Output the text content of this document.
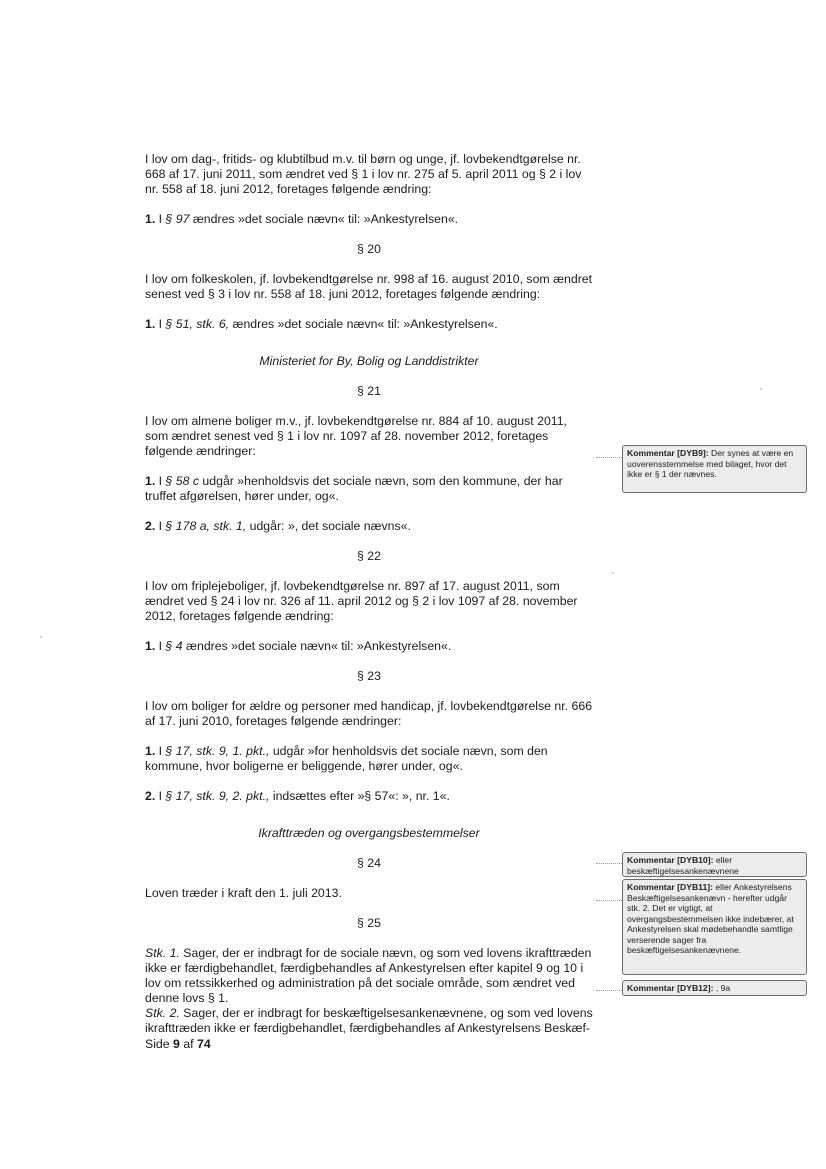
I lov om dag-, fritids- og klubtilbud m.v. til børn og unge, jf. lovbekendtgørelse nr. 668 af 17. juni 2011, som ændret ved § 1 i lov nr. 275 af 5. april 2011 og § 2 i lov nr. 558 af 18. juni 2012, foretages følgende ændring:

1. I § 97 ændres »det sociale nævn« til: »Ankestyrelsen«.

§ 20

I lov om folkeskolen, jf. lovbekendtgørelse nr. 998 af 16. august 2010, som ændret senest ved § 3 i lov nr. 558 af 18. juni 2012, foretages følgende ændring:

1. I § 51, stk. 6, ændres »det sociale nævn« til: »Ankestyrelsen«.

Ministeriet for By, Bolig og Landdistrikter

§ 21

I lov om almene boliger m.v., jf. lovbekendtgørelse nr. 884 af 10. august 2011, som ændret senest ved § 1 i lov nr. 1097 af 28. november 2012, foretages følgende ændringer:

1. I § 58 c udgår »henholdsvis det sociale nævn, som den kommune, der har truffet afgørelsen, hører under, og«.

2. I § 178 a, stk. 1, udgår: », det sociale nævns«.

§ 22

I lov om friplejeboliger, jf. lovbekendtgørelse nr. 897 af 17. august 2011, som ændret ved § 24 i lov nr. 326 af 11. april 2012 og § 2 i lov 1097 af 28. november 2012, foretages følgende ændring:

1. I § 4 ændres »det sociale nævn« til: »Ankestyrelsen«.

§ 23

I lov om boliger for ældre og personer med handicap, jf. lovbekendtgørelse nr. 666 af 17. juni 2010, foretages følgende ændringer:

1. I § 17, stk. 9, 1. pkt., udgår »for henholdsvis det sociale nævn, som den kommune, hvor boligerne er beliggende, hører under, og«.

2. I § 17, stk. 9, 2. pkt., indsættes efter »§ 57«: », nr. 1«.

Ikrafttræden og overgangsbestemmelser

§ 24

Loven træder i kraft den 1. juli 2013.

§ 25

Stk. 1. Sager, der er indbragt for de sociale nævn, og som ved lovens ikrafttræden ikke er færdigbehandlet, færdigbehandles af Ankestyrelsen efter kapitel 9 og 10 i lov om retssikkerhed og administration på det sociale område, som ændret ved denne lovs § 1.

Stk. 2. Sager, der er indbragt for beskæftigelsesankenævnene, og som ved lovens ikrafttræden ikke er færdigbehandlet, færdigbehandles af Ankestyrelsens Beskæf-

Kommentar [DYB9]: Der synes at være en uoverensstemmelse med bilaget, hvor det ikke er § 1 der nævnes.
Kommentar [DYB10]: eller beskæftigelsesankenævnene
Kommentar [DYB11]: eller Ankestyrelsens Beskæftigelsesankenævn - herefter udgår stk. 2. Det er vigtigt, at overgangsbestemmelsen ikke indebærer, at Ankestyrelsen skal mødebehandle samtlige verserende sager fra beskæftigelsesankenævnene.
Kommentar [DYB12]: , 9a
Side 9 af 74
